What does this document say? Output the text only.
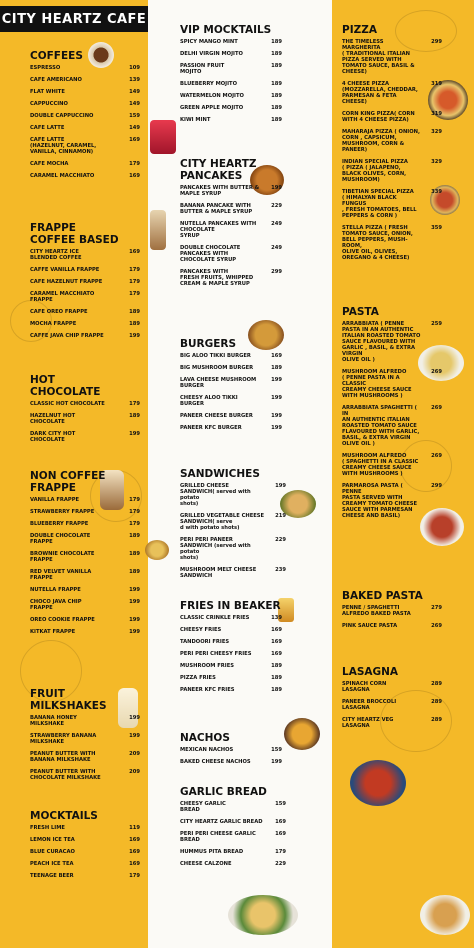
CITY HEARTZ CAFE
COFFEES
ESPRESSO	109
CAFE AMERICANO	139
FLAT WHITE	149
CAPPUCCINO	149
DOUBLE CAPPUCCINO	159
CAFE LATTE	149
CAFE LATTE
(HAZELNUT, CARAMEL,
VANILLA, CINNAMON)
169
CAFE MOCHA	179
CARAMEL MACCHIATO	169
FRAPPE
COFFEE BASED
CITY HEARTZ ICE
BLENDED COFFEE
169
CAFFE VANILLA FRAPPE	179
CAFE HAZELNUT FRAPPE	179
CARAMEL MACCHIATO
FRAPPE
179
CAFE OREO FRAPPE	189
MOCHA FRAPPE	189
CAFFE JAVA CHIP FRAPPE	199
HOT
CHOCOLATE
CLASSIC HOT CHOCOLATE	179
HAZELNUT HOT
CHOCOLATE
189
DARK CITY HOT
CHOCOLATE
199
NON COFFEE
FRAPPE
VANILLA FRAPPE	179
STRAWBERRY FRAPPE	179
BLUEBERRY FRAPPE	179
DOUBLE CHOCOLATE
FRAPPE
189
BROWNIE CHOCOLATE
FRAPPE
189
RED VELVET VANILLA
FRAPPE
189
NUTELLA FRAPPE	199
CHOCO JAVA CHIP
FRAPPE
199
OREO COOKIE FRAPPE	199
KITKAT FRAPPE	199
FRUIT
MILKSHAKES
BANANA HONEY
MILKSHAKE
199
STRAWBERRY BANANA
MILKSHAKE
199
PEANUT BUTTER WITH
BANANA MILKSHAKE
209
PEANUT BUTTER WITH
CHOCOLATE MILKSHAKE
209
MOCKTAILS
FRESH LIME	119
LEMON ICE TEA	169
BLUE CURACAO	169
PEACH ICE TEA	169
TEENAGE BEER	179
VIP MOCKTAILS
SPICY MANGO MINT	189
DELHI VIRGIN MOJITO	189
PASSION FRUIT
MOJITO
189
BLUEBERRY MOJITO	189
WATERMELON MOJITO	189
GREEN APPLE MOJITO	189
KIWI MINT	189
CITY HEARTZ
PANCAKES
PANCAKES WITH BUTTER &
MAPLE SYRUP
199
BANANA PANCAKE WITH
BUTTER & MAPLE SYRUP
229
NUTELLA PANCAKES WITH
CHOCOLATE
SYRUP
249
DOUBLE CHOCOLATE
PANCAKES WITH
CHOCOLATE SYRUP
249
PANCAKES WITH
FRESH FRUITS, WHIPPED
CREAM & MAPLE SYRUP
299
BURGERS
BIG ALOO TIKKI BURGER	169
BIG MUSHROOM BURGER	189
LAVA CHEESE MUSHROOM
BURGER
199
CHEESY ALOO TIKKI
BURGER
199
PANEER CHEESE BURGER	199
PANEER KFC BURGER	199
SANDWICHES
GRILLED CHEESE
SANDWICH( served with potato
shots)
199
GRILLED VEGETABLE CHEESE
SANDWICH( serve
d with potato shots)
219
PERI PERI PANEER
SANDWICH (served with potato
shots)
229
MUSHROOM MELT CHEESE
SANDWICH
239
FRIES IN BEAKER
CLASSIC CRINKLE FRIES	139
CHEESY FRIES	169
TANDOORI FRIES	169
PERI PERI CHEESY FRIES	169
MUSHROOM FRIES	189
PIZZA FRIES	189
PANEER KFC FRIES	189
NACHOS
MEXICAN NACHOS	159
BAKED CHEESE NACHOS	199
GARLIC BREAD
CHEESY GARLIC
BREAD
159
CITY HEARTZ GARLIC BREAD	169
PERI PERI CHEESE GARLIC BREAD
169
HUMMUS PITA BREAD	179
CHEESE CALZONE	229
PIZZA
THE TIMELESS MARGHERITA
( TRADITIONAL ITALIAN
PIZZA SERVED WITH
TOMATO SAUCE, BASIL &
CHEESE)
299
4 CHEESE PIZZA
(MOZZARELLA, CHEDDAR,
PARMESAN & FETA CHEESE)
319
CORN KING PIZZA( CORN
WITH 4 CHEESE PIZZA)
319
MAHARAJA PIZZA ( ONION,
CORN , CAPSICUM,
MUSHROOM, CORN &
PANEER)
329
INDIAN SPECIAL PIZZA
( PIZZA ( JALAPENO,
BLACK OLIVES, CORN,
MUSHROOM)
329
TIBETIAN SPECIAL PIZZA
( HIMALYAN BLACK FUNGUS
, FRESH TOMATOES, BELL
PEPPERS & CORN )
339
STELLA PIZZA ( FRESH
TOMATO SAUCE, ONION,
BELL PEPPERS, MUSH-
ROOM,
OLIVE OIL, OLIVES,
OREGANO & 4 CHEESE)
359
PASTA
ARRABBIATA ( PENNE
PASTA IN AN AUTHENTIC
ITALIAN ROASTED TOMATO
SAUCE FLAVOURED WITH
GARLIC , BASIL, & EXTRA
VIRGIN
OLIVE OIL )
259
MUSHROOM ALFREDO
( PENNE PASTA IN A CLASSIC
CREAMY CHEESE SAUCE
WITH MUSHROOMS )
269
ARRABBIATA SPAGHETTI (
IN
AN AUTHENTIC ITALIAN
ROASTED TOMATO SAUCE
FLAVOURED WITH GARLIC,
BASIL, & EXTRA VIRGIN
OLIVE OIL )
269
MUSHROOM ALFREDO
( SPAGHETTI IN A CLASSIC
CREAMY CHEESE SAUCE
WITH MUSHROOMS )
269
PARMAROSA PASTA (
PENNE
PASTA SERVED WITH
CREAMY TOMATO CHEESE
SAUCE WITH PARMESAN
CHEESE AND BASIL)
299
BAKED PASTA
PENNE / SPAGHETTI
ALFREDO BAKED PASTA
279
PINK SAUCE PASTA	269
LASAGNA
SPINACH CORN
LASAGNA
289
PANEER BROCCOLI
LASAGNA
289
CITY HEARTZ VEG
LASAGNA
289
